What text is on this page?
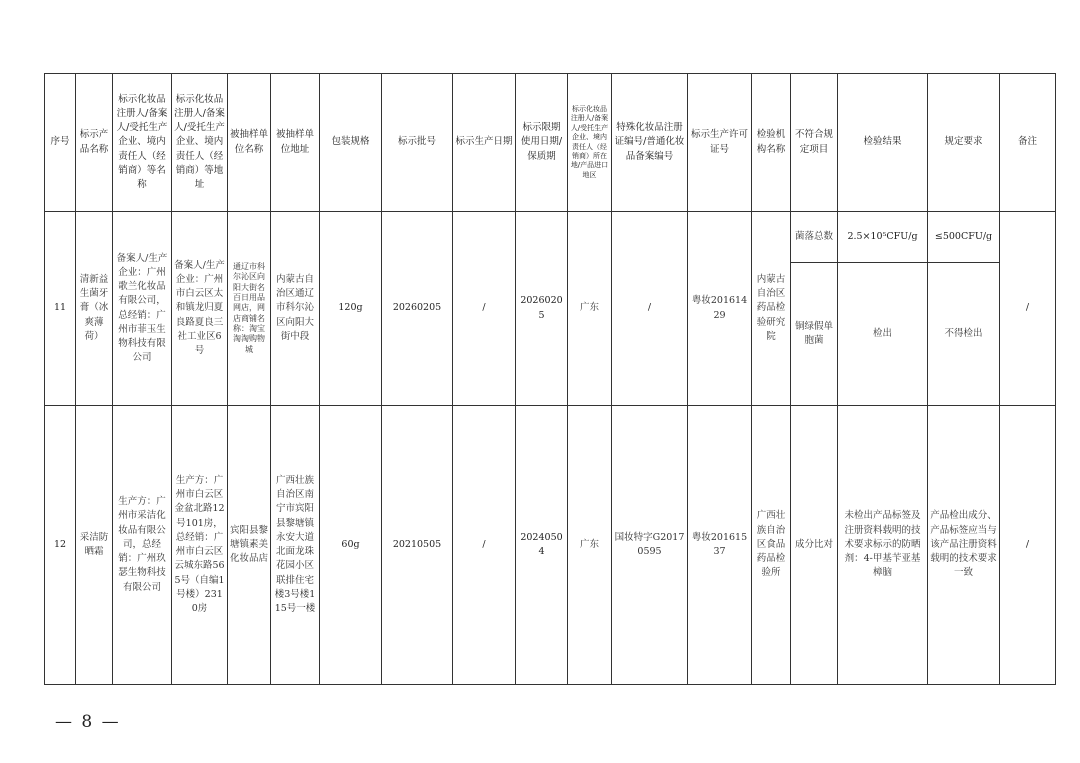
序号	标示产品名称	标示化妆品注册人/备案人/受托生产企业、境内责任人（经销商）等名称	标示化妆品注册人/备案人/受托生产企业、境内责任人（经销商）等地址	被抽样单位名称	被抽样单位地址	包装规格	标示批号	标示生产日期	标示限期使用日期/保质期	标示化妆品注册人/备案人/受托生产企业、境内责任人（经销商）所在地/产品进口地区	特殊化妆品注册证编号/普通化妆品备案编号	标示生产许可证号	检验机构名称	不符合规定项目	检验结果	规定要求	备注
11	清新益生菌牙膏（冰爽薄荷）	备案人/生产企业：广州歌兰化妆品有限公司，总经销：广州市菲玉生物科技有限公司	备案人/生产企业：广州市白云区太和镇龙归夏良路夏良三社工业区6号	通辽市科尔沁区向阳大街名百日用品网店，网店商铺名称：淘宝淘淘购物城	内蒙古自治区通辽市科尔沁区向阳大街中段	120g	20260205	/	20260205	广东	/	粤妆20161429	内蒙古自治区药品检验研究院	菌落总数	2.5×10⁵CFU/g	≤500CFU/g	/
														铜绿假单胞菌	检出	不得检出	
12	采洁防晒霜	生产方：广州市采洁化妆品有限公司，总经销：广州玖瑟生物科技有限公司	生产方：广州市白云区金盆北路12号101房，总经销：广州市白云区云城东路565号（自编1号楼）2310房	宾阳县黎塘镇素美化妆品店	广西壮族自治区南宁市宾阳县黎塘镇永安大道北面龙珠花园小区联排住宅楼3号楼115号一楼	60g	20210505	/	20240504	广东	国妆特字G20170595	粤妆20161537	广西壮族自治区食品药品检验所	成分比对	未检出产品标签及注册资料载明的技术要求标示的防晒剂：4-甲基苄亚基樟脑	产品检出成分、产品标签应当与该产品注册资料载明的技术要求一致	/
— 8 —
